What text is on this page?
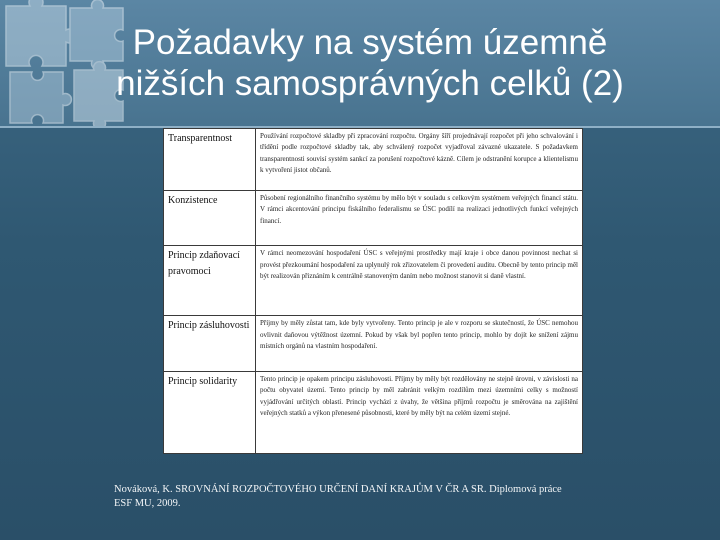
Požadavky na systém územně
nižších samosprávných celků (2)
Transparentnost	Používání rozpočtové skladby při zpracování rozpočtu. Orgány šíří projednávají rozpočet při jeho schvalování i třídění podle rozpočtové skladby tak, aby schválený rozpočet vyjadřoval závazné ukazatele. S požadavkem transparentnosti souvisí systém sankcí za porušení rozpočtové kázně. Cílem je odstranění korupce a klientelismu k vytvoření jistot občanů.
Konzistence	Působení regionálního finančního systému by mělo být v souladu s celkovým systémem veřejných financí státu. V rámci akcentování principu fiskálního federalismu se ÚSC podílí na realizaci jednotlivých funkcí veřejných financí.
Princip zdaňovací pravomoci	V rámci neomezování hospodaření ÚSC s veřejnými prostředky mají kraje i obce danou povinnost nechat si provést přezkoumání hospodaření za uplynulý rok zřizovatelem či provedení auditu. Obecně by tento princip měl být realizován přiznáním k centrálně stanoveným daním nebo možnost stanovit si daně vlastní.
Princip zásluhovosti	Příjmy by měly zůstat tam, kde byly vytvořeny. Tento princip je ale v rozporu se skutečností, že ÚSC nemohou ovlivnit daňovou výtěžnost územní. Pokud by však byl popřen tento princip, mohlo by dojít ke snížení zájmu místních orgánů na vlastním hospodaření.
Princip solidarity	Tento princip je opakem principu zásluhovosti. Příjmy by měly být rozdělovány ne stejně úrovni, v závislosti na počtu obyvatel území. Tento princip by měl zabránit velkým rozdílům mezi územními celky s možností vyjádřování určitých oblastí. Princip vychází z úvahy, že většina příjmů rozpočtu je směrována na zajištění veřejných statků a výkon přenesené působnosti, které by měly být na celém území stejné.
Nováková, K. SROVNÁNÍ ROZPOČTOVÉHO URČENÍ DANÍ KRAJŮM V ČR A SR. Diplomová práce
ESF MU, 2009.
